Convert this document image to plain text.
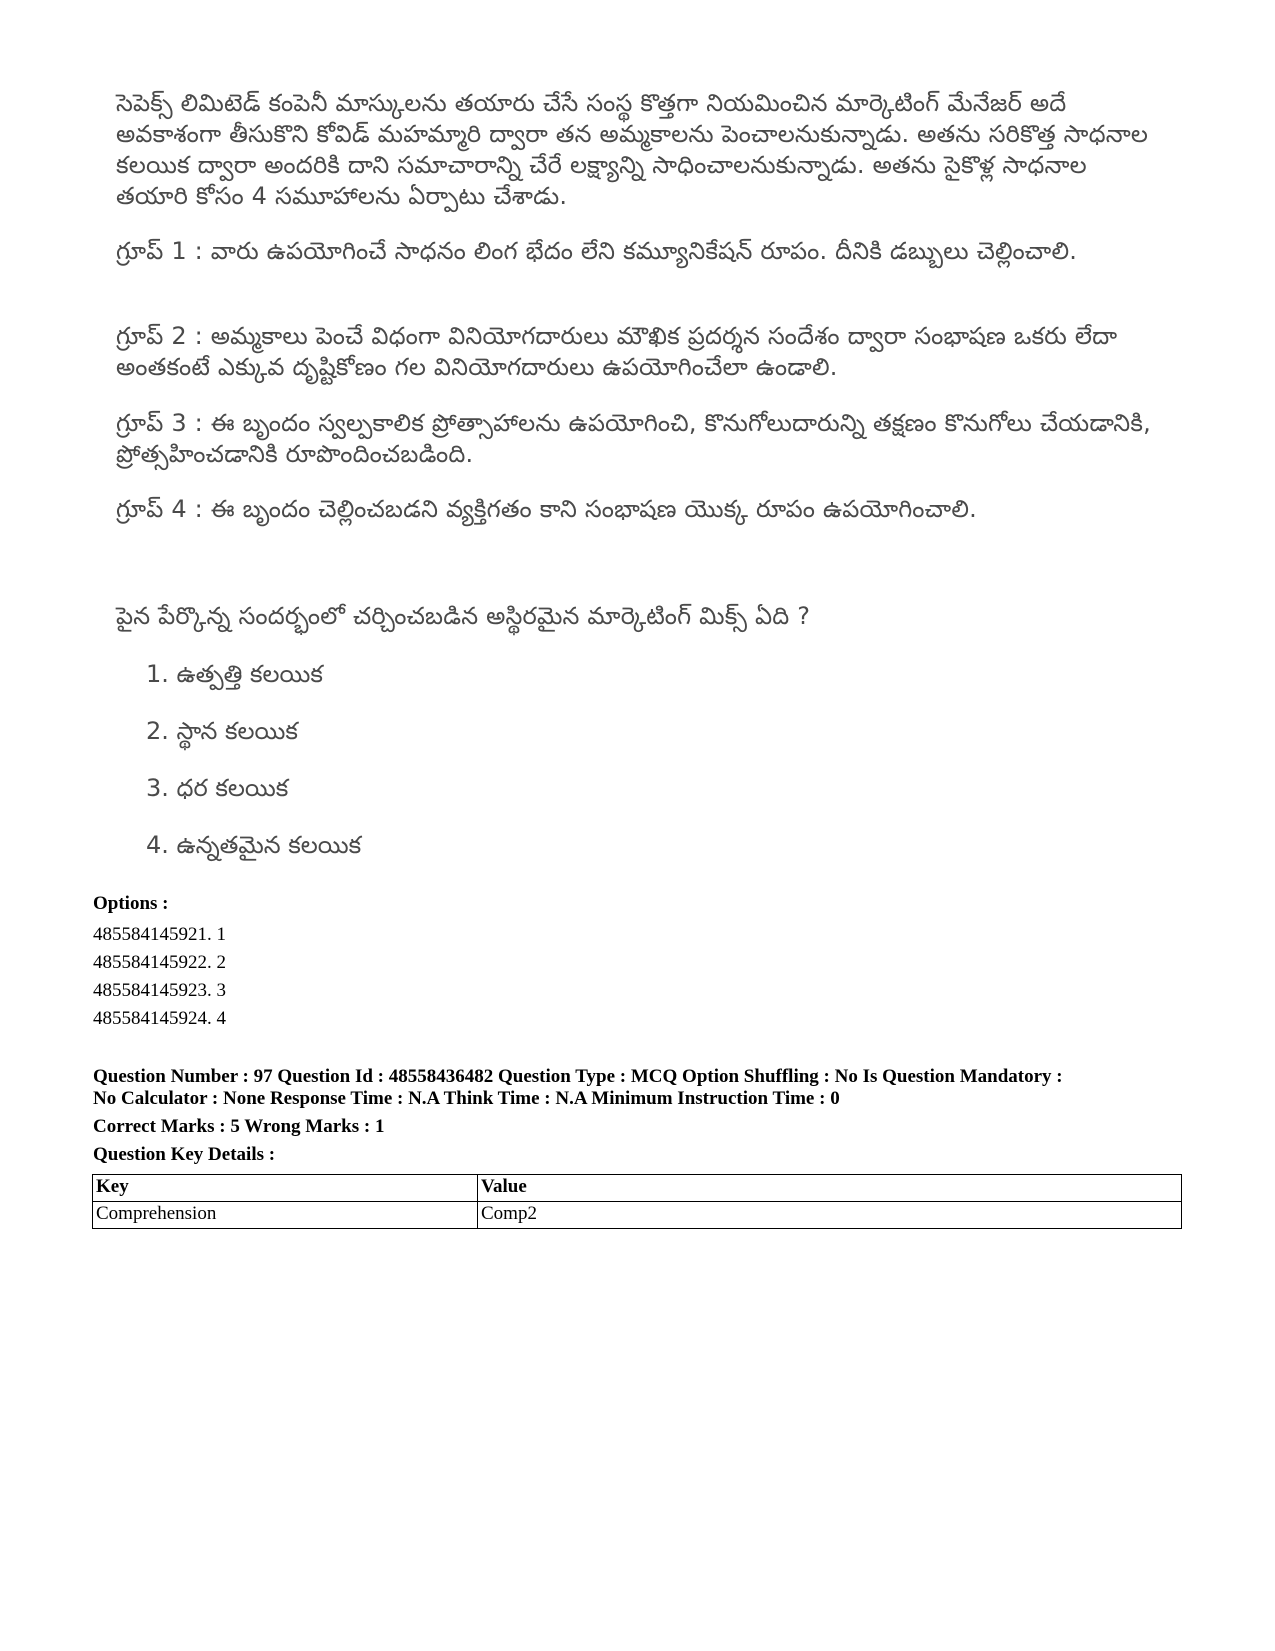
సెపెక్స్ లిమిటెడ్ కంపెనీ మాస్కులను తయారు చేసే సంస్థ కొత్తగా నియమించిన మార్కెటింగ్ మేనేజర్ అదే అవకాశంగా తీసుకొని కోవిడ్ మహమ్మారి ద్వారా తన అమ్మకాలను పెంచాలనుకున్నాడు. అతను సరికొత్త సాధనాల కలయిక ద్వారా అందరికి దాని సమాచారాన్ని చేరే లక్ష్యాన్ని సాధించాలనుకున్నాడు. అతను సైకొళ్ల సాధనాల తయారి కోసం 4 సమూహాలను ఏర్పాటు చేశాడు.

గ్రూప్ 1 : వారు ఉపయోగించే సాధనం లింగ భేదం లేని కమ్యూనికేషన్ రూపం. దీనికి డబ్బులు చెల్లించాలి.

గ్రూప్ 2 : అమ్మకాలు పెంచే విధంగా వినియోగదారులు మౌఖిక ప్రదర్శన సందేశం ద్వారా సంభాషణ ఒకరు లేదా అంతకంటే ఎక్కువ దృష్టికోణం గల వినియోగదారులు ఉపయోగించేలా ఉండాలి.

గ్రూప్ 3 : ఈ బృందం స్వల్పకాలిక ప్రోత్సాహాలను ఉపయోగించి, కొనుగోలుదారున్ని తక్షణం కొనుగోలు చేయడానికి, ప్రోత్సహించడానికి రూపొందించబడింది.

గ్రూప్ 4 : ఈ బృందం చెల్లించబడని వ్యక్తిగతం కాని సంభాషణ యొక్క రూపం ఉపయోగించాలి.

పైన పేర్కొన్న సందర్భంలో చర్చించబడిన అస్థిరమైన మార్కెటింగ్ మిక్స్ ఏది ?

1. ఉత్పత్తి కలయిక
2. స్థాన కలయిక
3. ధర కలయిక
4. ఉన్నతమైన కలయిక
Options :
485584145921. 1
485584145922. 2
485584145923. 3
485584145924. 4
Question Number : 97 Question Id : 48558436482 Question Type : MCQ Option Shuffling : No Is Question Mandatory :
No Calculator : None Response Time : N.A Think Time : N.A Minimum Instruction Time : 0
Correct Marks : 5 Wrong Marks : 1
Question Key Details :
Key	Value
Comprehension	Comp2
